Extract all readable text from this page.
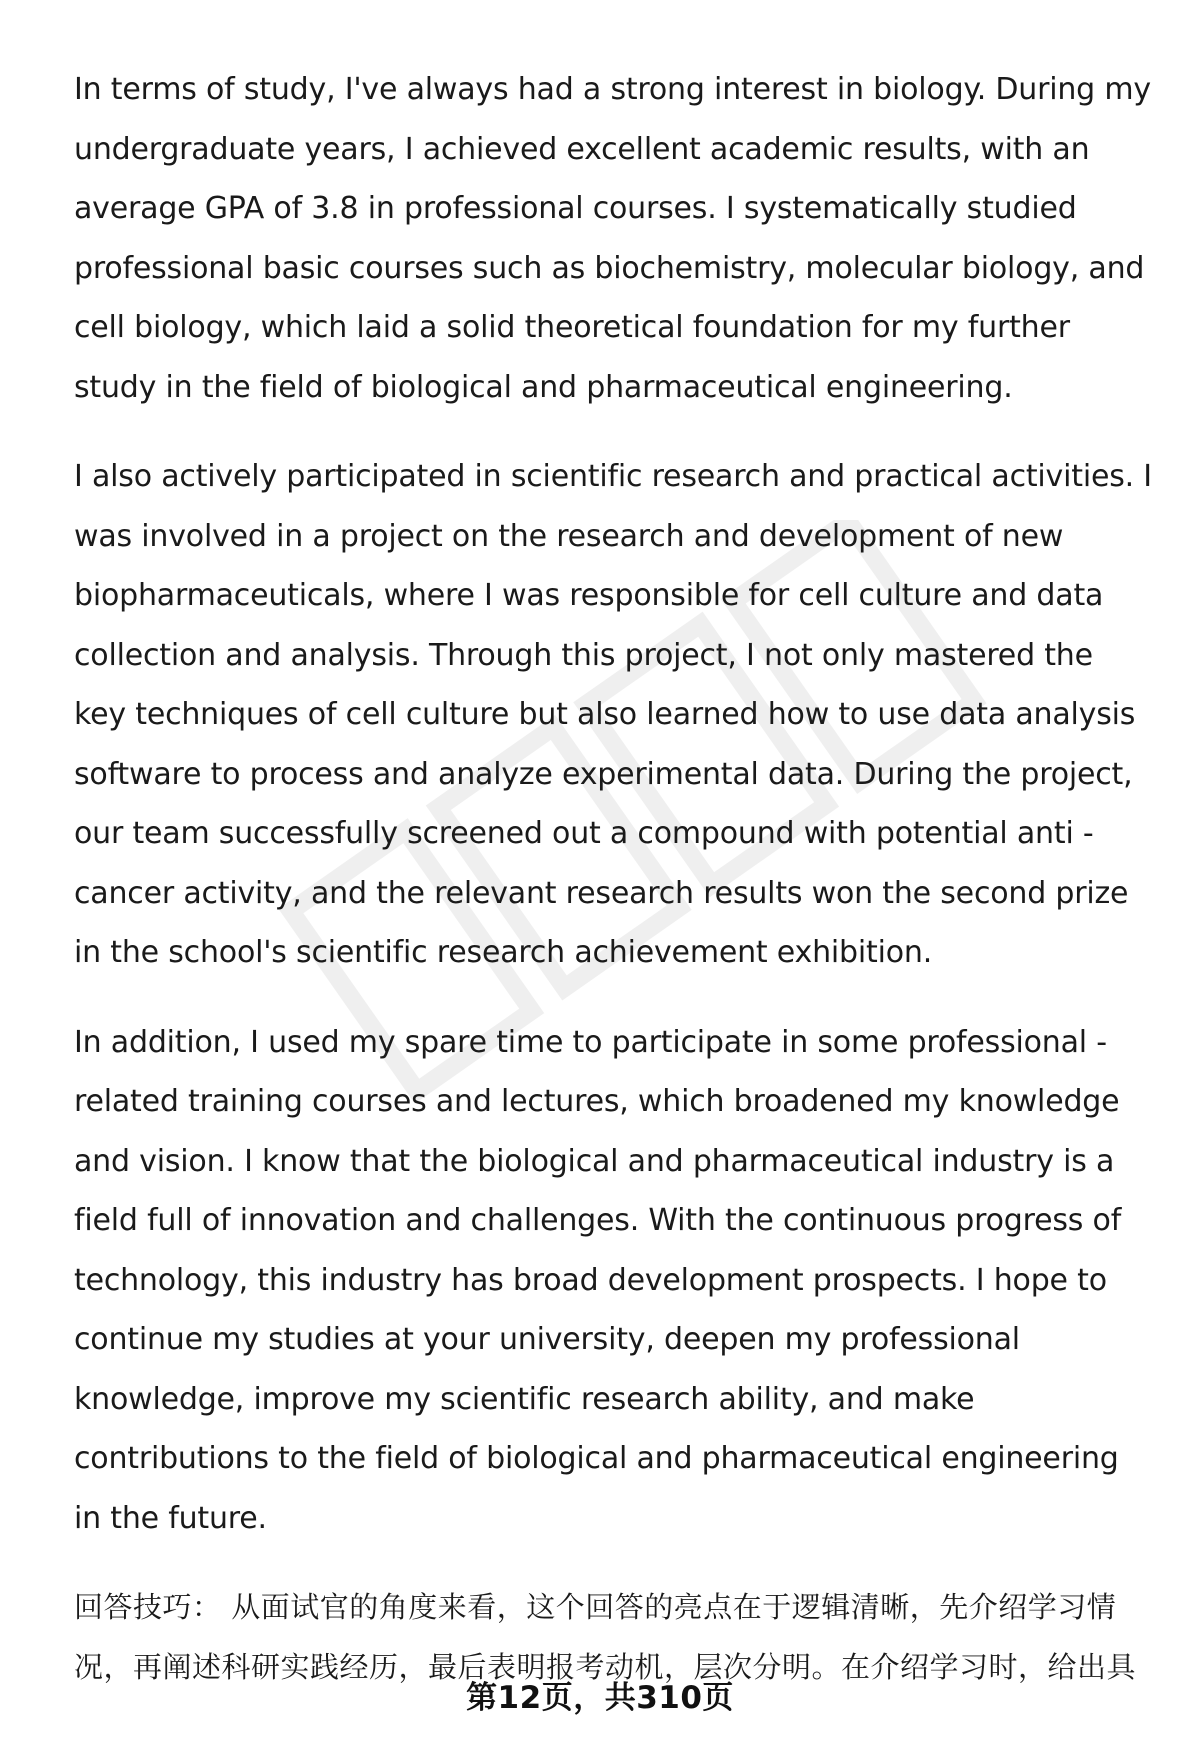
In terms of study, I've always had a strong interest in biology. During my undergraduate years, I achieved excellent academic results, with an average GPA of 3.8 in professional courses. I systematically studied professional basic courses such as biochemistry, molecular biology, and cell biology, which laid a solid theoretical foundation for my further study in the field of biological and pharmaceutical engineering.

I also actively participated in scientific research and practical activities. I was involved in a project on the research and development of new biopharmaceuticals, where I was responsible for cell culture and data collection and analysis. Through this project, I not only mastered the key techniques of cell culture but also learned how to use data analysis software to process and analyze experimental data. During the project, our team successfully screened out a compound with potential anti - cancer activity, and the relevant research results won the second prize in the school's scientific research achievement exhibition.

In addition, I used my spare time to participate in some professional - related training courses and lectures, which broadened my knowledge and vision. I know that the biological and pharmaceutical industry is a field full of innovation and challenges. With the continuous progress of technology, this industry has broad development prospects. I hope to continue my studies at your university, deepen my professional knowledge, improve my scientific research ability, and make contributions to the field of biological and pharmaceutical engineering in the future.

回答技巧： 从面试官的角度来看，这个回答的亮点在于逻辑清晰，先介绍学习情况，再阐述科研实践经历，最后表明报考动机，层次分明。在介绍学习时，给出具

第12页，共310页
